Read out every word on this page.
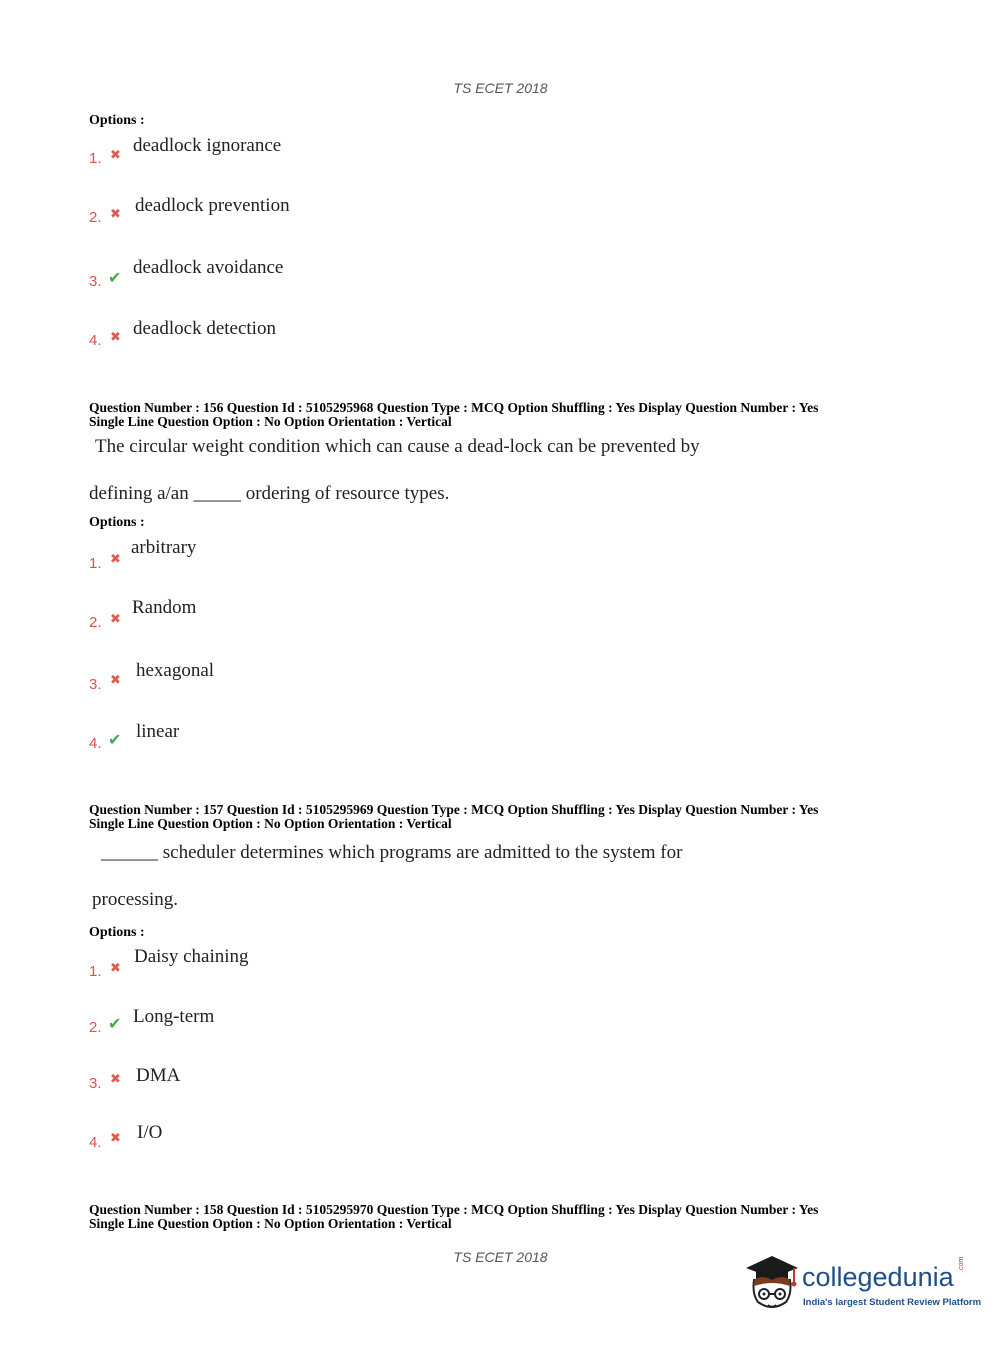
TS ECET 2018
Options :
1. ✖ deadlock ignorance
2. ✖ deadlock prevention
3. ✔ deadlock avoidance
4. ✖ deadlock detection
Question Number : 156 Question Id : 5105295968 Question Type : MCQ Option Shuffling : Yes Display Question Number : Yes
Single Line Question Option : No Option Orientation : Vertical
The circular weight condition which can cause a dead-lock can be prevented by
defining a/an _____ ordering of resource types.
Options :
1. ✖
arbitrary
2. ✖
Random
3. ✖ hexagonal
4. ✔ linear
Question Number : 157 Question Id : 5105295969 Question Type : MCQ Option Shuffling : Yes Display Question Number : Yes
Single Line Question Option : No Option Orientation : Vertical
______ scheduler determines which programs are admitted to the system for
processing.
Options :
1. ✖
Daisy chaining
2. ✔ Long-term
3. ✖ DMA
4. ✖ I/O
Question Number : 158 Question Id : 5105295970 Question Type : MCQ Option Shuffling : Yes Display Question Number : Yes
Single Line Question Option : No Option Orientation : Vertical
TS ECET 2018
collegedunia .com
India's largest Student Review Platform
